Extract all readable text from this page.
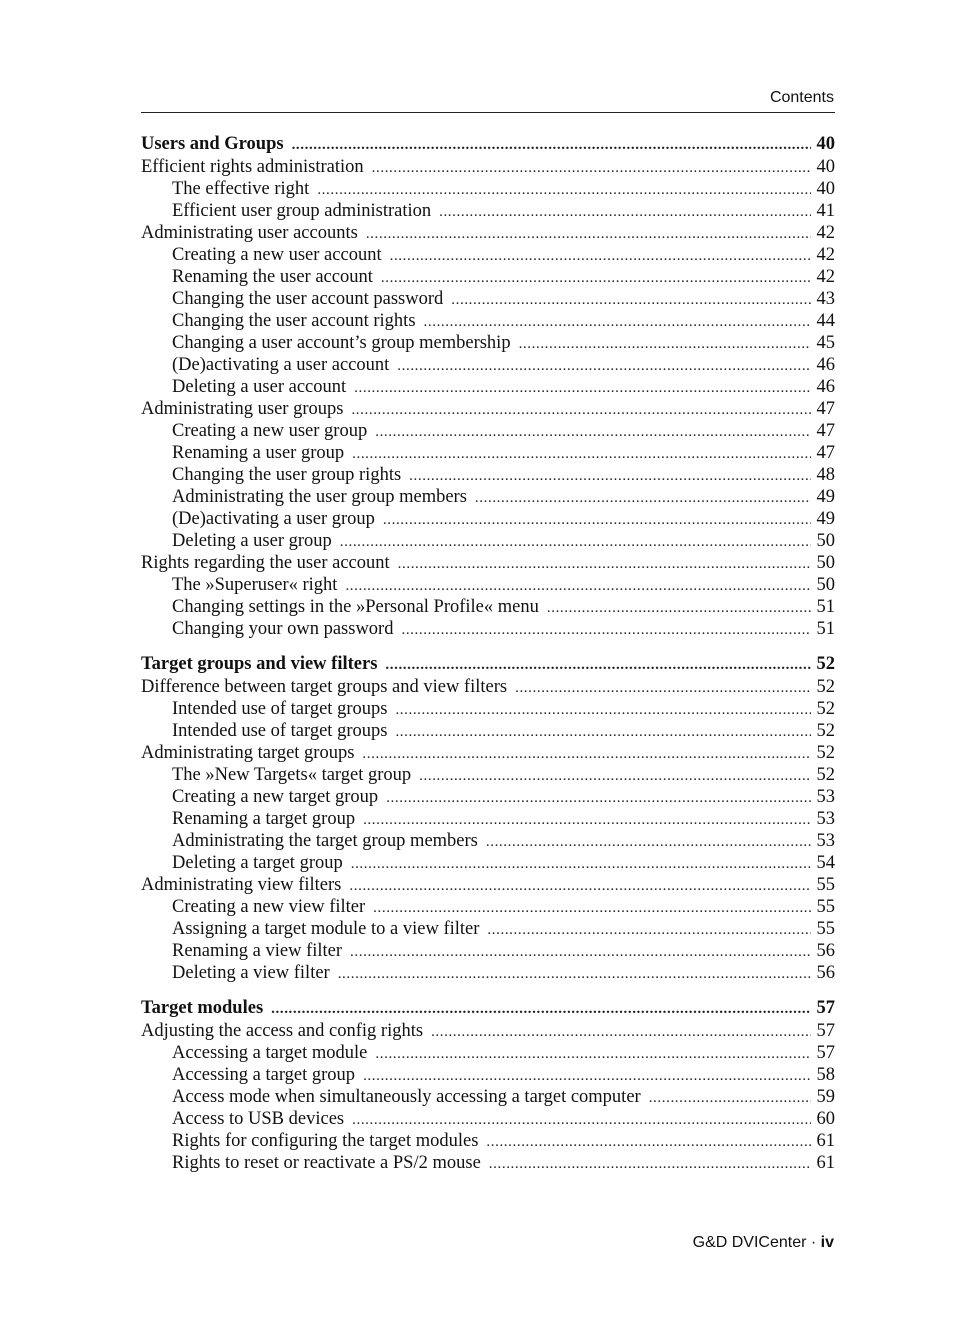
Contents
Users and Groups .....	40
Efficient rights administration .....	40
The effective right .....	40
Efficient user group administration .....	41
Administrating user accounts .....	42
Creating a new user account .....	42
Renaming the user account .....	42
Changing the user account password .....	43
Changing the user account rights .....	44
Changing a user account’s group membership .....	45
(De)activating a user account .....	46
Deleting a user account .....	46
Administrating user groups .....	47
Creating a new user group .....	47
Renaming a user group .....	47
Changing the user group rights .....	48
Administrating the user group members .....	49
(De)activating a user group .....	49
Deleting a user group .....	50
Rights regarding the user account .....	50
The »Superuser« right .....	50
Changing settings in the »Personal Profile« menu .....	51
Changing your own password .....	51
Target groups and view filters .....	52
Difference between target groups and view filters .....	52
Intended use of target groups .....	52
Intended use of target groups .....	52
Administrating target groups .....	52
The »New Targets« target group .....	52
Creating a new target group .....	53
Renaming a target group .....	53
Administrating the target group members .....	53
Deleting a target group .....	54
Administrating view filters .....	55
Creating a new view filter .....	55
Assigning a target module to a view filter .....	55
Renaming a view filter .....	56
Deleting a view filter .....	56
Target modules .....	57
Adjusting the access and config rights .....	57
Accessing a target module .....	57
Accessing a target group .....	58
Access mode when simultaneously accessing a target computer .....	59
Access to USB devices .....	60
Rights for configuring the target modules .....	61
Rights to reset or reactivate a PS/2 mouse .....	61
G&D DVICenter · iv
